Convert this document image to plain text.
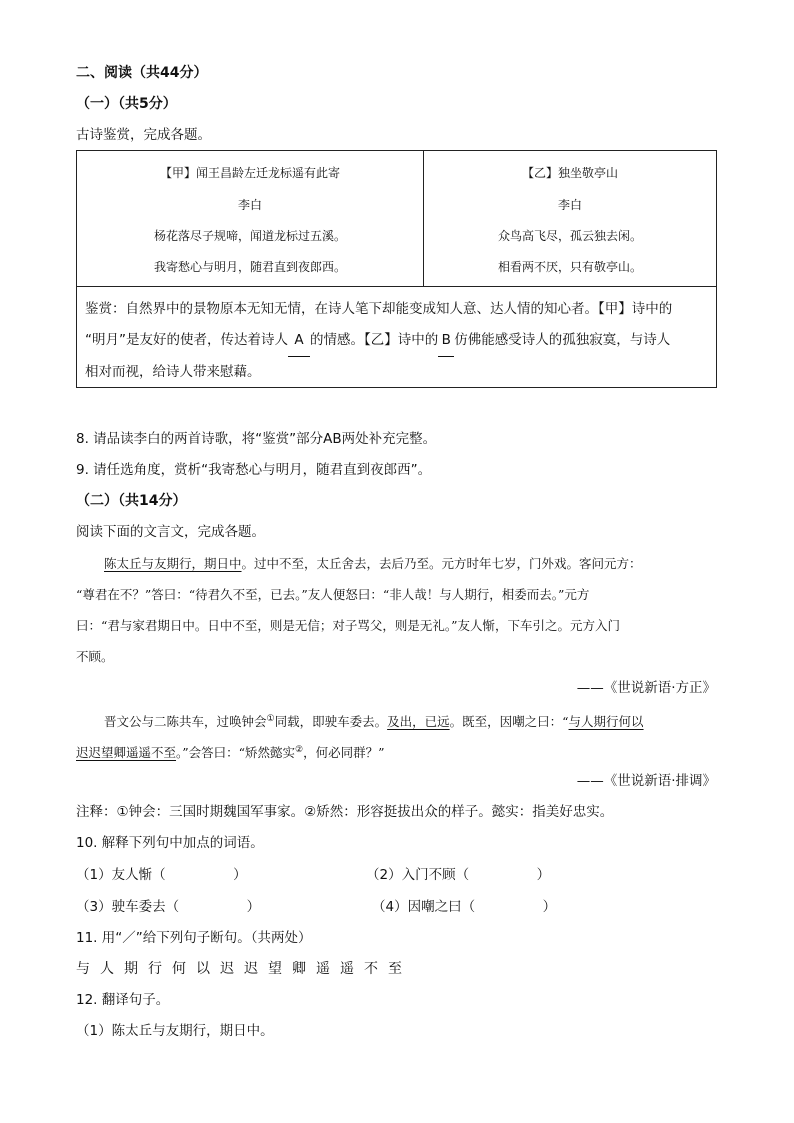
二、阅读（共44分）
（一）（共5分）
古诗鉴赏，完成各题。
【甲】闻王昌龄左迁龙标遥有此寄
李白
杨花落尽子规啼，闻道龙标过五溪。
我寄愁心与明月，随君直到夜郎西。

【乙】独坐敬亭山
李白
众鸟高飞尽，孤云独去闲。
相看两不厌，只有敬亭山。

鉴赏：自然界中的景物原本无知无情，在诗人笔下却能变成知人意、达人情的知心者。【甲】诗中的
“明月”是友好的使者，传达着诗人 A 的情感。【乙】诗中的 B 仿佛能感受诗人的孤独寂寞，与诗人
相对而视，给诗人带来慰藉。
8. 请品读李白的两首诗歌，将“鉴赏”部分AB两处补充完整。
9. 请任选角度，赏析“我寄愁心与明月，随君直到夜郎西”。
（二）（共14分）
阅读下面的文言文，完成各题。
陈太丘与友期行，期日中。过中不至，太丘舍去，去后乃至。元方时年七岁，门外戏。客问元方：
“尊君在不？”答曰：“待君久不至，已去。”友人便怒曰：“非人哉！与人期行，相委而去。”元方
曰：“君与家君期日中。日中不至，则是无信；对子骂父，则是无礼。”友人惭，下车引之。元方入门
不顾。
——《世说新语·方正》
晋文公与二陈共车，过唤钟会①同载，即驶车委去。及出，已远。既至，因嘲之曰：“与人期行何以
迟迟望卿遥遥不至。”会答曰：“矫然懿实②，何必同群？”
——《世说新语·排调》
注释：①钟会：三国时期魏国军事家。②矫然：形容挺拔出众的样子。懿实：指美好忠实。
10. 解释下列句中加点的词语。
（1）友人惭（　　　　　）	（2）入门不顾（　　　　　）
（3）驶车委去（　　　　　）	（4）因嘲之曰（　　　　　）
11. 用“／”给下列句子断句。（共两处）
与人期行何以迟迟望卿遥遥不至
12. 翻译句子。
（1）陈太丘与友期行，期日中。
